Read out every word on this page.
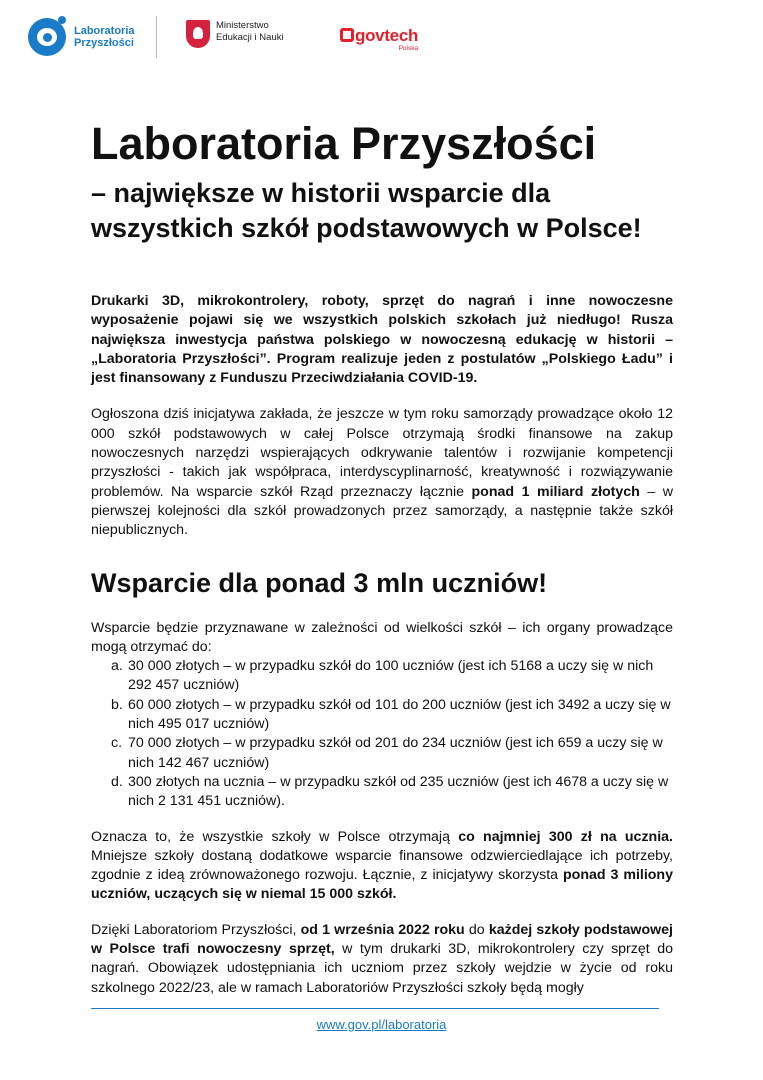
Laboratoria
Przyszłości
Ministerstwo
Edukacji i Nauki	govtech
Polska
Laboratoria Przyszłości
– największe w historii wsparcie dla wszystkich szkół podstawowych w Polsce!

Drukarki 3D, mikrokontrolery, roboty, sprzęt do nagrań i inne nowoczesne wyposażenie pojawi się we wszystkich polskich szkołach już niedługo! Rusza największa inwestycja państwa polskiego w nowoczesną edukację w historii – „Laboratoria Przyszłości”. Program realizuje jeden z postulatów „Polskiego Ładu” i jest finansowany z Funduszu Przeciwdziałania COVID-19.

Ogłoszona dziś inicjatywa zakłada, że jeszcze w tym roku samorządy prowadzące około 12 000 szkół podstawowych w całej Polsce otrzymają środki finansowe na zakup nowoczesnych narzędzi wspierających odkrywanie talentów i rozwijanie kompetencji przyszłości - takich jak współpraca, interdyscyplinarność, kreatywność i rozwiązywanie problemów. Na wsparcie szkół Rząd przeznaczy łącznie ponad 1 miliard złotych – w pierwszej kolejności dla szkół prowadzonych przez samorządy, a następnie także szkół niepublicznych.

Wsparcie dla ponad 3 mln uczniów!

Wsparcie będzie przyznawane w zależności od wielkości szkół – ich organy prowadzące mogą otrzymać do:

a. 30 000 złotych – w przypadku szkół do 100 uczniów (jest ich 5168 a uczy się w nich 292 457 uczniów)
b. 60 000 złotych – w przypadku szkół od 101 do 200 uczniów (jest ich 3492 a uczy się w nich 495 017 uczniów)
c. 70 000 złotych – w przypadku szkół od 201 do 234 uczniów (jest ich 659 a uczy się w nich 142 467 uczniów)
d. 300 złotych na ucznia – w przypadku szkół od 235 uczniów (jest ich 4678 a uczy się w nich 2 131 451 uczniów).

Oznacza to, że wszystkie szkoły w Polsce otrzymają co najmniej 300 zł na ucznia. Mniejsze szkoły dostaną dodatkowe wsparcie finansowe odzwierciedlające ich potrzeby, zgodnie z ideą zrównoważonego rozwoju. Łącznie, z inicjatywy skorzysta ponad 3 miliony uczniów, uczących się w niemal 15 000 szkół.

Dzięki Laboratoriom Przyszłości, od 1 września 2022 roku do każdej szkoły podstawowej w Polsce trafi nowoczesny sprzęt, w tym drukarki 3D, mikrokontrolery czy sprzęt do nagrań. Obowiązek udostępniania ich uczniom przez szkoły wejdzie w życie od roku szkolnego 2022/23, ale w ramach Laboratoriów Przyszłości szkoły będą mogły

www.gov.pl/laboratoria
